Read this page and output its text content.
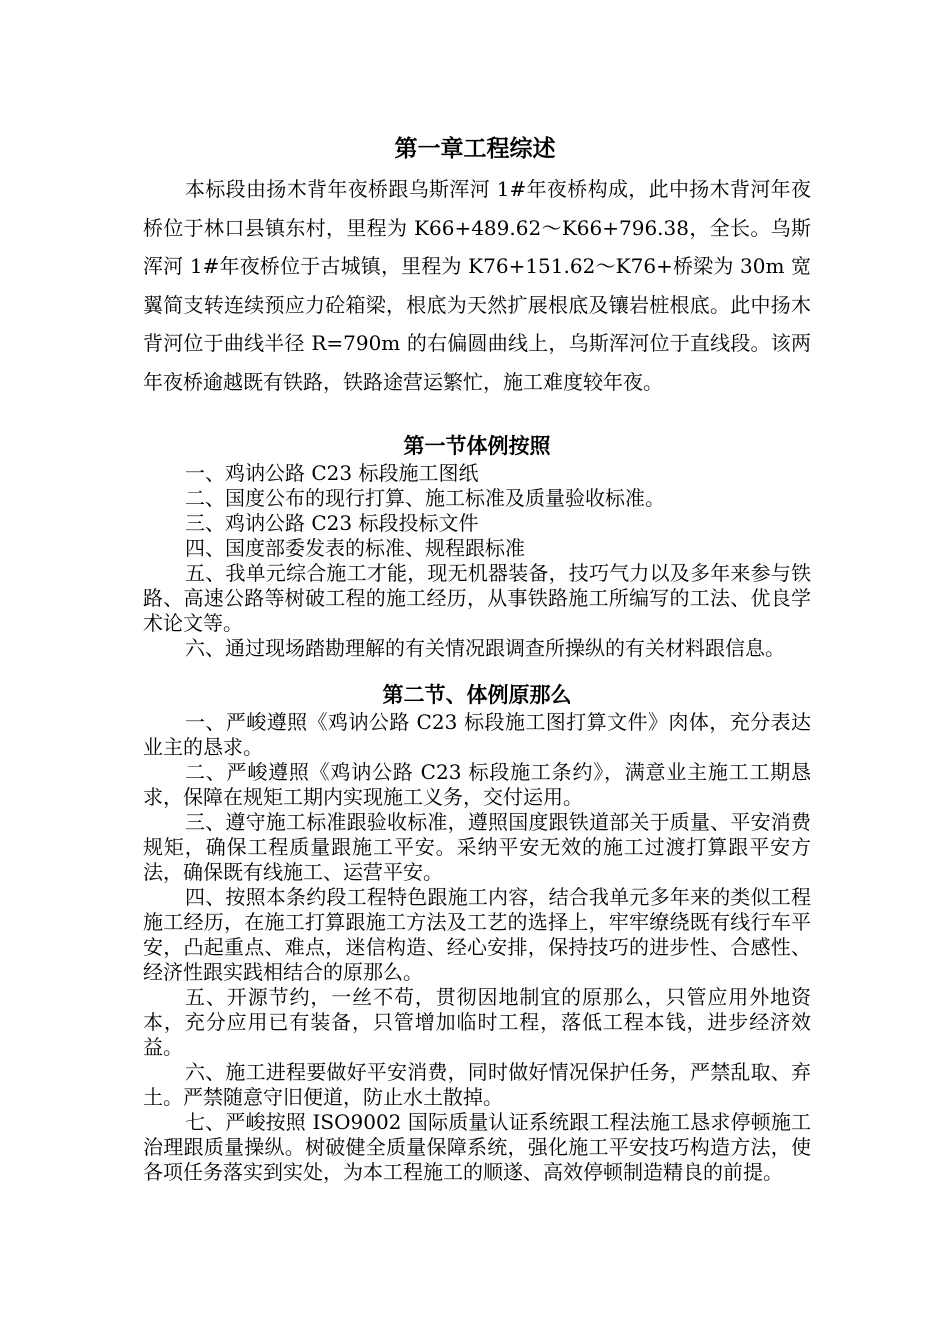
第一章工程综述

本标段由扬木背年夜桥跟乌斯浑河 1#年夜桥构成，此中扬木背河年夜桥位于林口县镇东村，里程为 K66+489.62～K66+796.38，全长。乌斯浑河 1#年夜桥位于古城镇，里程为 K76+151.62～K76+桥梁为 30m 宽翼简支转连续预应力砼箱梁，根底为天然扩展根底及镶岩桩根底。此中扬木背河位于曲线半径 R=790m 的右偏圆曲线上，乌斯浑河位于直线段。该两年夜桥逾越既有铁路，铁路途营运繁忙，施工难度较年夜。

第一节体例按照

一、鸡讷公路 C23 标段施工图纸

二、国度公布的现行打算、施工标准及质量验收标准。

三、鸡讷公路 C23 标段投标文件

四、国度部委发表的标准、规程跟标准

五、我单元综合施工才能，现无机器装备，技巧气力以及多年来参与铁路、高速公路等树破工程的施工经历，从事铁路施工所编写的工法、优良学术论文等。

六、通过现场踏勘理解的有关情况跟调查所操纵的有关材料跟信息。

第二节、体例原那么

一、严峻遵照《鸡讷公路 C23 标段施工图打算文件》肉体，充分表达业主的恳求。

二、严峻遵照《鸡讷公路 C23 标段施工条约》，满意业主施工工期恳求，保障在规矩工期内实现施工义务，交付运用。

三、遵守施工标准跟验收标准，遵照国度跟铁道部关于质量、平安消费规矩，确保工程质量跟施工平安。采纳平安无效的施工过渡打算跟平安方法，确保既有线施工、运营平安。

四、按照本条约段工程特色跟施工内容，结合我单元多年来的类似工程施工经历，在施工打算跟施工方法及工艺的选择上，牢牢缭绕既有线行车平安，凸起重点、难点，迷信构造、经心安排，保持技巧的进步性、合感性、经济性跟实践相结合的原那么。

五、开源节约，一丝不苟，贯彻因地制宜的原那么，只管应用外地资本，充分应用已有装备，只管增加临时工程，落低工程本钱，进步经济效益。

六、施工进程要做好平安消费，同时做好情况保护任务，严禁乱取、弃土。严禁随意守旧便道，防止水土散掉。

七、严峻按照 ISO9002 国际质量认证系统跟工程法施工恳求停顿施工治理跟质量操纵。树破健全质量保障系统，强化施工平安技巧构造方法，使各项任务落实到实处，为本工程施工的顺遂、高效停顿制造精良的前提。
